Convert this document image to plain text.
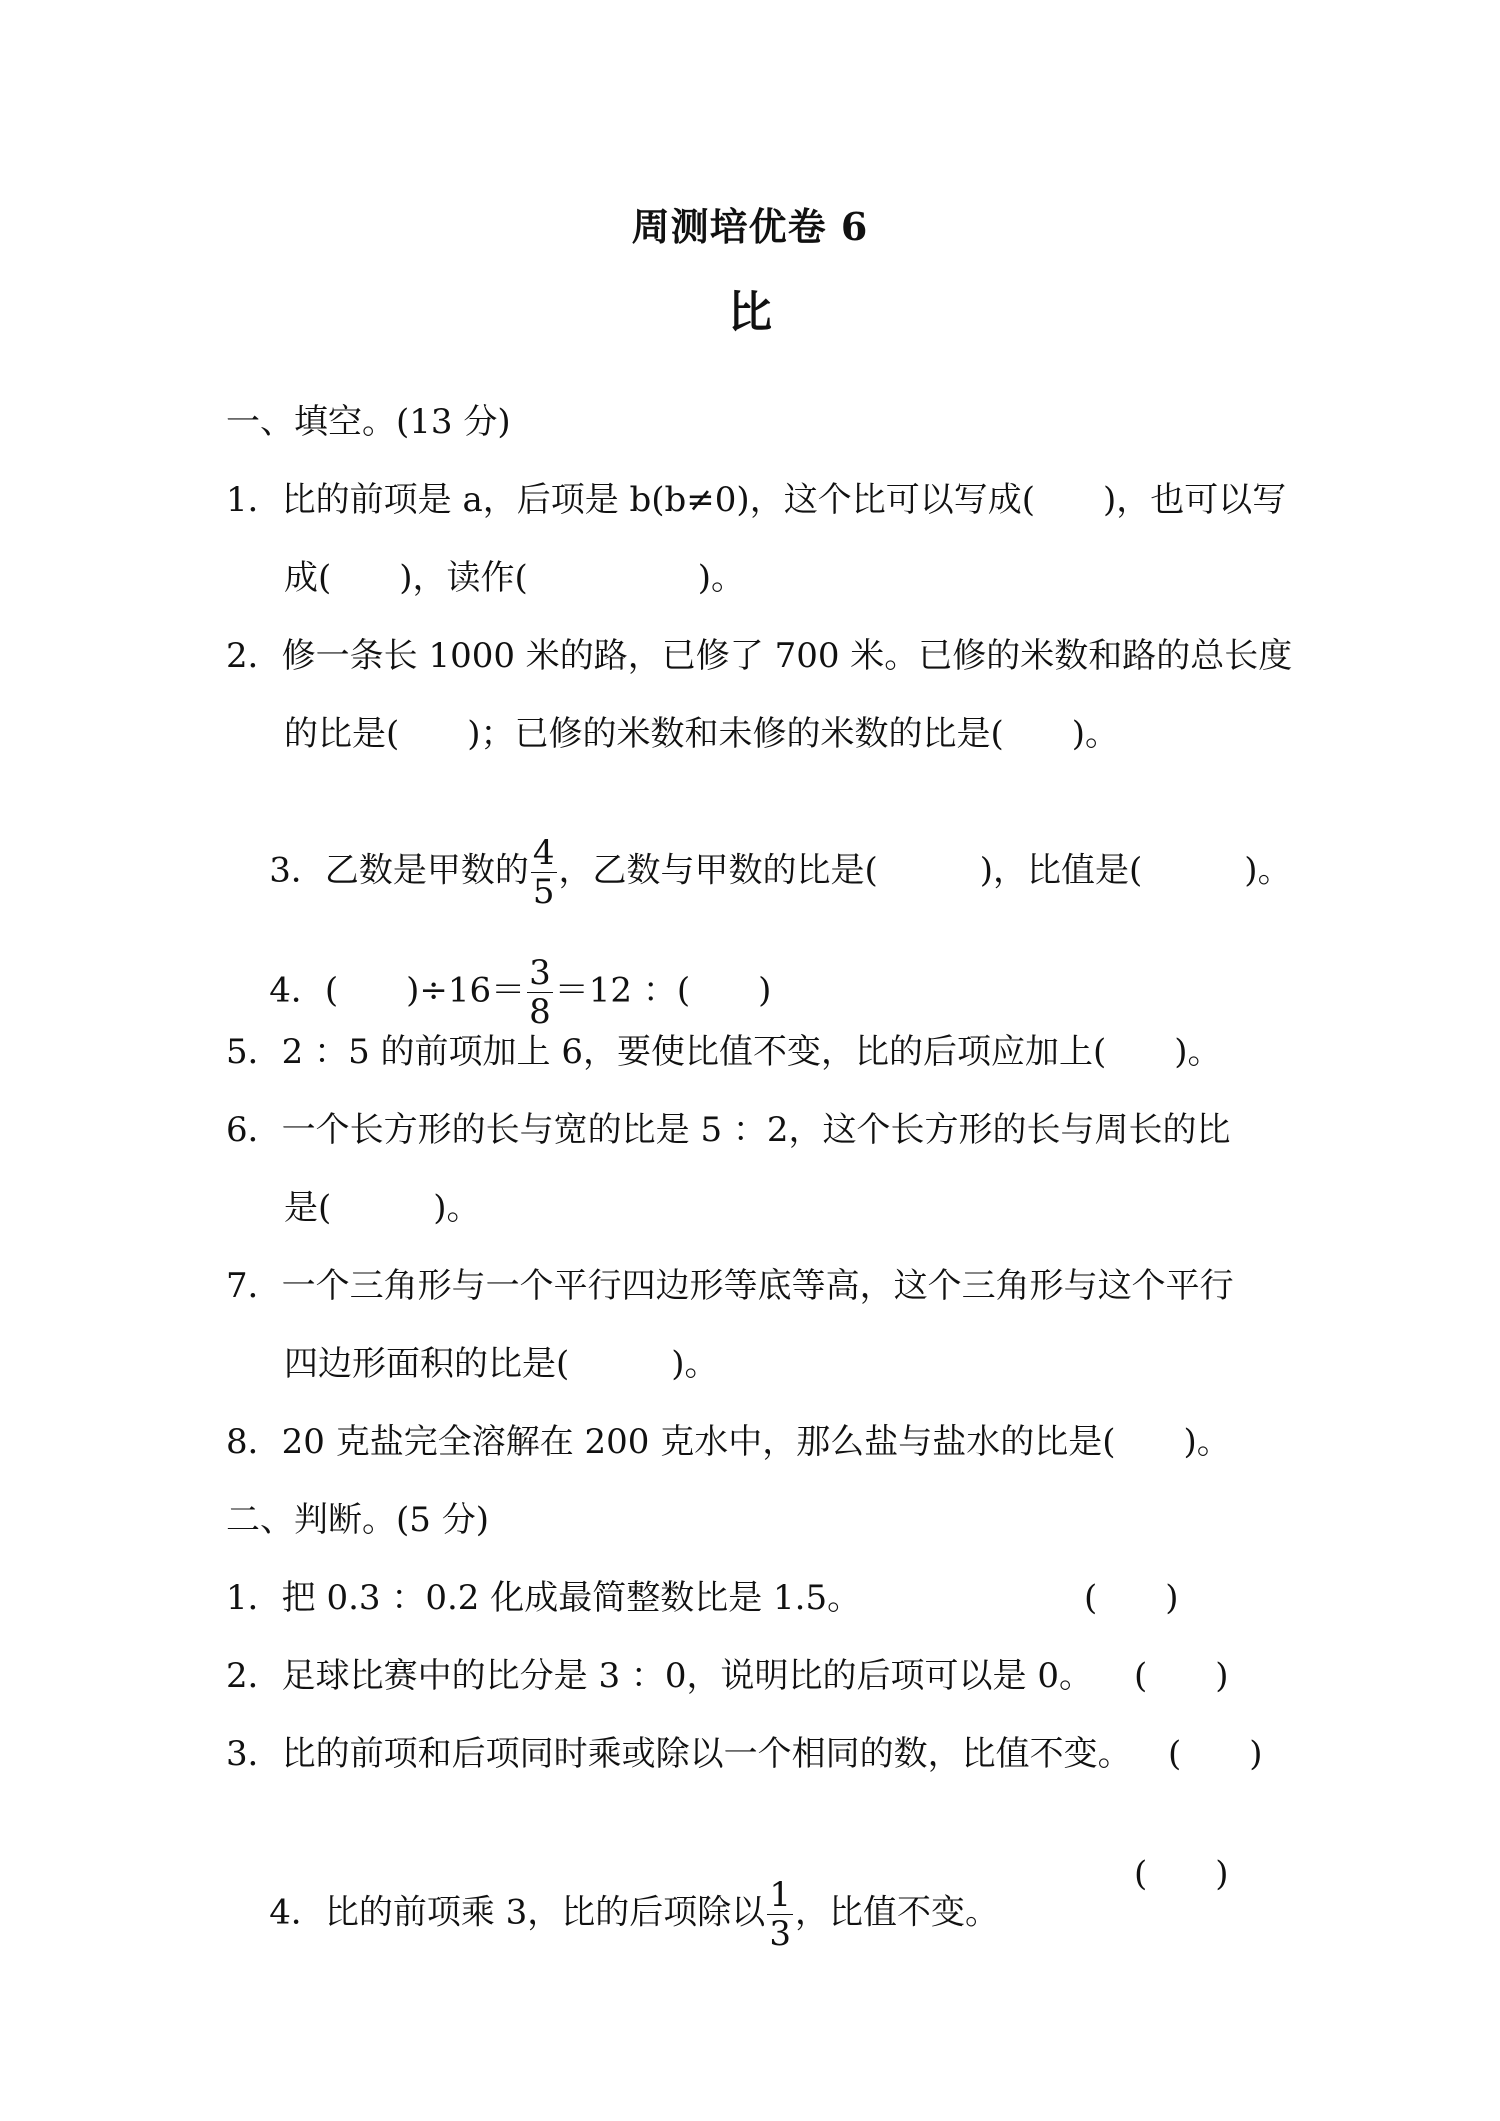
周测培优卷 6
比
一、填空。(13 分)
1．比的前项是 a，后项是 b(b≠0)，这个比可以写成(　　)，也可以写
成(　　)，读作(　　　　　)。
2．修一条长 1000 米的路，已修了 700 米。已修的米数和路的总长度
的比是(　　)；已修的米数和未修的米数的比是(　　)。

3．乙数是甲数的 $\frac{4}{5}$ ，乙数与甲数的比是(　　　)，比值是(　　　)。

4．(　　)$\div 16= \frac{3}{8} =12$ ：(　　)

5．2 ：5 的前项加上 6，要使比值不变，比的后项应加上(　　)。
6．一个长方形的长与宽的比是 5 ：2，这个长方形的长与周长的比
是(　　　)。
7．一个三角形与一个平行四边形等底等高，这个三角形与这个平行
四边形面积的比是(　　　)。
8．20 克盐完全溶解在 200 克水中，那么盐与盐水的比是(　　)。
二、判断。(5 分)
1．把 0.3 ：0.2 化成最简整数比是 1.5。	(　　)
2．足球比赛中的比分是 3 ：0，说明比的后项可以是 0。 (　　)
3．比的前项和后项同时乘或除以一个相同的数，比值不变。 (　　)

4．比的前项乘 3，比的后项除以 $\frac{1}{3}$ ，比值不变。

(　　)
